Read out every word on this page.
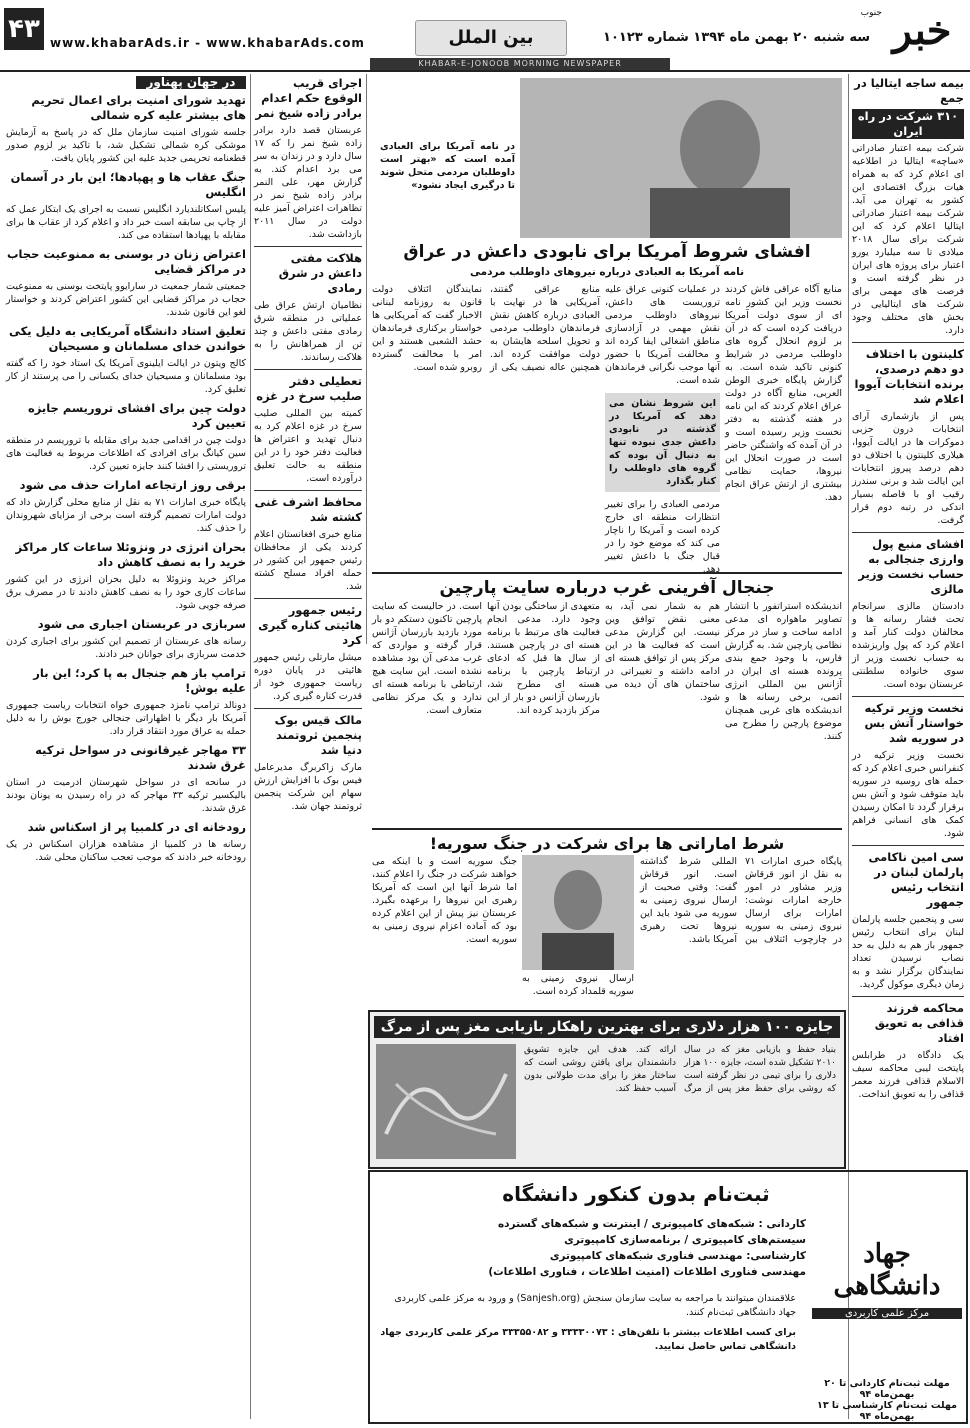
خبر
جنوب
سه شنبه ۲۰ بهمن ماه ۱۳۹۴ شماره ۱۰۱۲۳
بین الملل
www.khabarAds.ir - www.khabarAds.com
۴۳
KHABAR-E-JONOOB MORNING NEWSPAPER
بیمه ساجه ایتالیا در جمع
۳۱۰ شرکت در راه ایران

شرکت بیمه اعتبار صادراتی «ساچه» ایتالیا در اطلاعیه ای اعلام کرد که به همراه هیات بزرگ اقتصادی این کشور به تهران می آید. شرکت بیمه اعتبار صادراتی ایتالیا اعلام کرد که این شرکت برای سال ۲۰۱۸ میلادی تا سه میلیارد یورو اعتبار برای پروژه های ایران در نظر گرفته است و فرصت های مهمی برای شرکت های ایتالیایی در بخش های مختلف وجود دارد.

کلینتون با اختلاف دو دهم درصدی، برنده انتخابات آیووا اعلام شد

پس از بازشماری آرای انتخابات درون حزبی دموکرات ها در ایالت آیووا، هیلاری کلینتون با اختلاف دو دهم درصد پیروز انتخابات این ایالت شد و برنی سندرز رقیب او با فاصله بسیار اندکی در رتبه دوم قرار گرفت.

افشای منبع پول وارزی جنجالی به حساب نخست وزیر مالزی

دادستان مالزی سرانجام تحت فشار رسانه ها و مخالفان دولت کنار آمد و اعلام کرد که پول واریزشده به حساب نخست وزیر از سوی خانواده سلطنتی عربستان بوده است.

نخست وزیر ترکیه خواستار آتش بس در سوریه شد

نخست وزیر ترکیه در کنفرانس خبری اعلام کرد که حمله های روسیه در سوریه باید متوقف شود و آتش بس برقرار گردد تا امکان رسیدن کمک های انسانی فراهم شود.

سی امین ناکامی پارلمان لبنان در انتخاب رئیس جمهور

سی و پنجمین جلسه پارلمان لبنان برای انتخاب رئیس جمهور باز هم به دلیل به حد نصاب نرسیدن تعداد نمایندگان برگزار نشد و به زمان دیگری موکول گردید.

محاکمه فرزند قذافی به تعویق افتاد

یک دادگاه در طرابلس پایتخت لیبی محاکمه سیف الاسلام قذافی فرزند معمر قذافی را به تعویق انداخت.

در نامه آمریکا برای العبادی آمده است که «بهتر است داوطلبان مردمی متحل شوند تا درگیری ایجاد نشود»
افشای شروط آمریکا برای نابودی داعش در عراق
نامه آمریکا به العبادی درباره نیروهای داوطلب مردمی

منابع آگاه عراقی فاش کردند نخست وزیر این کشور نامه ای از سوی دولت آمریکا دریافت کرده است که در آن بر لزوم انحلال گروه های داوطلب مردمی در شرایط کنونی تاکید شده است. به گزارش پایگاه خبری الوطن العربی، منابع آگاه در دولت عراق اعلام کردند که این نامه در هفته گذشته به دفتر نخست وزیر رسیده است و در آن آمده که واشنگتن حاضر است در صورت انحلال این نیروها، حمایت نظامی بیشتری از ارتش عراق انجام دهد.

در عملیات کنونی عراق علیه تروریست های داعش، نیروهای داوطلب مردمی نقش مهمی در آزادسازی مناطق اشغالی ایفا کرده اند و مخالفت آمریکا با حضور آنها موجب نگرانی فرماندهان شده است.

این شروط نشان می دهد که آمریکا در گذشته در نابودی داعش جدی نبوده تنها به دنبال آن بوده که گروه های داوطلب را کنار بگذارد

مردمی العبادی را برای تغییر انتظارات منطقه ای خارج کرده است و آمریکا را ناچار می کند که موضع خود را در قبال جنگ با داعش تغییر دهد.

منابع عراقی گفتند، آمریکایی ها در نهایت با العبادی درباره کاهش نقش فرماندهان داوطلب مردمی و تحویل اسلحه هایشان به دولت موافقت کرده اند. همچنین عاله نصیف یکی از نمایندگان ائتلاف دولت قانون به روزنامه لبنانی الاخبار گفت که آمریکایی ها خواستار برکناری فرماندهان حشد الشعبی هستند و این امر با مخالفت گسترده روبرو شده است.

جنجال آفرینی غرب درباره سایت پارچین

اندیشکده استراتفور با انتشار تصاویر ماهواره ای مدعی ادامه ساخت و ساز در مرکز نظامی پارچین شد. به گزارش فارس، با وجود جمع بندی پرونده هسته ای ایران در آژانس بین المللی انرژی اتمی، برخی رسانه ها و اندیشکده های غربی همچنان موضوع پارچین را مطرح می کنند.

هم به شمار نمی آید، به معنی نقض توافق وین نیست. این گزارش مدعی است که فعالیت ها در این مرکز پس از توافق هسته ای ادامه داشته و تغییراتی در ساختمان های آن دیده می شود.

متعهدی از ساختگی بودن آنها وجود دارد. مدعی انجام فعالیت های مرتبط با برنامه هسته ای در پارچین هستند. از سال ها قبل که ادعای ارتباط پارچین با برنامه هسته ای مطرح شد، بازرسان آژانس دو بار از این مرکز بازدید کرده اند.

است. در حالیست که سایت پارچین تاکنون دستکم دو بار مورد بازدید بازرسان آژانس قرار گرفته و مواردی که غرب مدعی آن بود مشاهده نشده است. این سایت هیچ ارتباطی با برنامه هسته ای ندارد و یک مرکز نظامی متعارف است.

شرط اماراتی ها برای شرکت در جنگ سوریه!

پایگاه خبری امارات ۷۱ به نقل از انور قرقاش وزیر مشاور در امور خارجه امارات نوشت: امارات برای ارسال نیروی زمینی به سوریه در چارچوب ائتلاف بین المللی شرط گذاشته است. انور قرقاش گفت: وقتی صحبت از ارسال نیروی زمینی به سوریه می شود باید این نیروها تحت رهبری آمریکا باشد.

ارسال نیروی زمینی به سوریه قلمداد کرده است.

جنگ سوریه است و با اینکه می خواهند شرکت در جنگ را اعلام کنند، اما شرط آنها این است که آمریکا رهبری این نیروها را برعهده بگیرد. عربستان نیز پیش از این اعلام کرده بود که آماده اعزام نیروی زمینی به سوریه است.

جایزه ۱۰۰ هزار دلاری برای بهترین راهکار بازیابی مغز پس از مرگ
بنیاد حفظ و بازیابی مغز که در سال ۲۰۱۰ تشکیل شده است، جایزه ۱۰۰ هزار دلاری را برای تیمی در نظر گرفته است که روشی برای حفظ مغز پس از مرگ ارائه کند. هدف این جایزه تشویق دانشمندان برای یافتن روشی است که ساختار مغز را برای مدت طولانی بدون آسیب حفظ کند.
جهاد دانشگاهی
مرکز علمی کاربردی
ثبت‌نام بدون کنکور دانشگاه
کاردانی : شبکه‌های کامپیوتری / اینترنت و شبکه‌های گسترده
سیستم‌های کامپیوتری / برنامه‌سازی کامپیوتری
کارشناسی: مهندسی فناوری شبکه‌های کامپیوتری
مهندسی فناوری اطلاعات (امنیت اطلاعات ، فناوری اطلاعات)
مهلت ثبت‌نام کاردانی تا ۲۰ بهمن‌ماه ۹۴
مهلت ثبت‌نام کارشناسی تا ۱۳ بهمن‌ماه ۹۴
علاقمندان میتوانند با مراجعه به سایت سازمان سنجش (Sanjesh.org) و ورود به مرکز علمی کاربردی جهاد دانشگاهی ثبت‌نام کنند.
برای کسب اطلاعات بیشتر با تلفن‌های : ۳۳۳۳۰۰۷۳ و ۳۳۳۵۵۰۸۲ مرکز علمی کاربردی جهاد دانشگاهی تماس حاصل نمایید.
اجرای قریب الوقوع حکم اعدام برادر زاده شیخ نمر

عربستان قصد دارد برادر زاده شیخ نمر را که ۱۷ سال دارد و در زندان به سر می برد اعدام کند. به گزارش مهر، علی النمر برادر زاده شیخ نمر در تظاهرات اعتراض آمیز علیه دولت در سال ۲۰۱۱ بازداشت شد.

هلاکت مفتی داعش در شرق رمادی

نظامیان ارتش عراق طی عملیاتی در منطقه شرق رمادی مفتی داعش و چند تن از همراهانش را به هلاکت رساندند.

تعطیلی دفتر صلیب سرخ در غزه

کمیته بین المللی صلیب سرخ در غزه اعلام کرد به دنبال تهدید و اعتراض ها فعالیت دفتر خود را در این منطقه به حالت تعلیق درآورده است.

محافظ اشرف غنی کشته شد

منابع خبری افغانستان اعلام کردند یکی از محافظان رئیس جمهور این کشور در حمله افراد مسلح کشته شد.

رئیس جمهور هائیتی کناره گیری کرد

میشل مارتلی رئیس جمهور هائیتی در پایان دوره ریاست جمهوری خود از قدرت کناره گیری کرد.

مالک قیس بوک پنجمین ثروتمند دنیا شد

مارک زاکربرگ مدیرعامل فیس بوک با افزایش ارزش سهام این شرکت پنجمین ثروتمند جهان شد.

در جهان پهناور
تهدید شورای امنیت برای اعمال تحریم های بیشتر علیه کره شمالی

جلسه شورای امنیت سازمان ملل که در پاسخ به آزمایش موشکی کره شمالی تشکیل شد، با تاکید بر لزوم صدور قطعنامه تحریمی جدید علیه این کشور پایان یافت.

جنگ عقاب ها و پهپادها؛ این بار در آسمان انگلیس

پلیس اسکاتلندیارد انگلیس نسبت به اجرای یک ابتکار عمل که از چاپ بی سابقه است خبر داد و اعلام کرد از عقاب ها برای مقابله با پهپادها استفاده می کند.

اعتراض زنان در بوسنی به ممنوعیت حجاب در مراکز قضایی

جمعیتی شمار جمعیت در سارایوو پایتخت بوسنی به ممنوعیت حجاب در مراکز قضایی این کشور اعتراض کردند و خواستار لغو این قانون شدند.

تعلیق استاد دانشگاه آمریکایی به دلیل یکی خواندن خدای مسلمانان و مسیحیان

کالج ویتون در ایالت ایلینوی آمریکا یک استاد خود را که گفته بود مسلمانان و مسیحیان خدای یکسانی را می پرستند از کار تعلیق کرد.

دولت چین برای افشای تروریسم جایزه تعیین کرد

دولت چین در اقدامی جدید برای مقابله با تروریسم در منطقه سین کیانگ برای افرادی که اطلاعات مربوط به فعالیت های تروریستی را افشا کنند جایزه تعیین کرد.

برقی روز ارتجاعه امارات حذف می شود

پایگاه خبری امارات ۷۱ به نقل از منابع محلی گزارش داد که دولت امارات تصمیم گرفته است برخی از مزایای شهروندان را حذف کند.

بحران انرژی در ونزوئلا ساعات کار مراکز خرید را به نصف کاهش داد

مراکز خرید ونزوئلا به دلیل بحران انرژی در این کشور ساعات کاری خود را به نصف کاهش دادند تا در مصرف برق صرفه جویی شود.

سربازی در عربستان اجباری می شود

رسانه های عربستان از تصمیم این کشور برای اجباری کردن خدمت سربازی برای جوانان خبر دادند.

ترامپ باز هم جنجال به پا کرد؛ این بار علیه بوش!

دونالد ترامپ نامزد جمهوری خواه انتخابات ریاست جمهوری آمریکا بار دیگر با اظهاراتی جنجالی جورج بوش را به دلیل حمله به عراق مورد انتقاد قرار داد.

۳۳ مهاجر غیرقانونی در سواحل ترکیه غرق شدند

در سانحه ای در سواحل شهرستان ادرمیت در استان بالیکسیر ترکیه ۳۳ مهاجر که در راه رسیدن به یونان بودند غرق شدند.

رودخانه ای در کلمبیا پر از اسکناس شد

رسانه ها در کلمبیا از مشاهده هزاران اسکناس در یک رودخانه خبر دادند که موجب تعجب ساکنان محلی شد.
